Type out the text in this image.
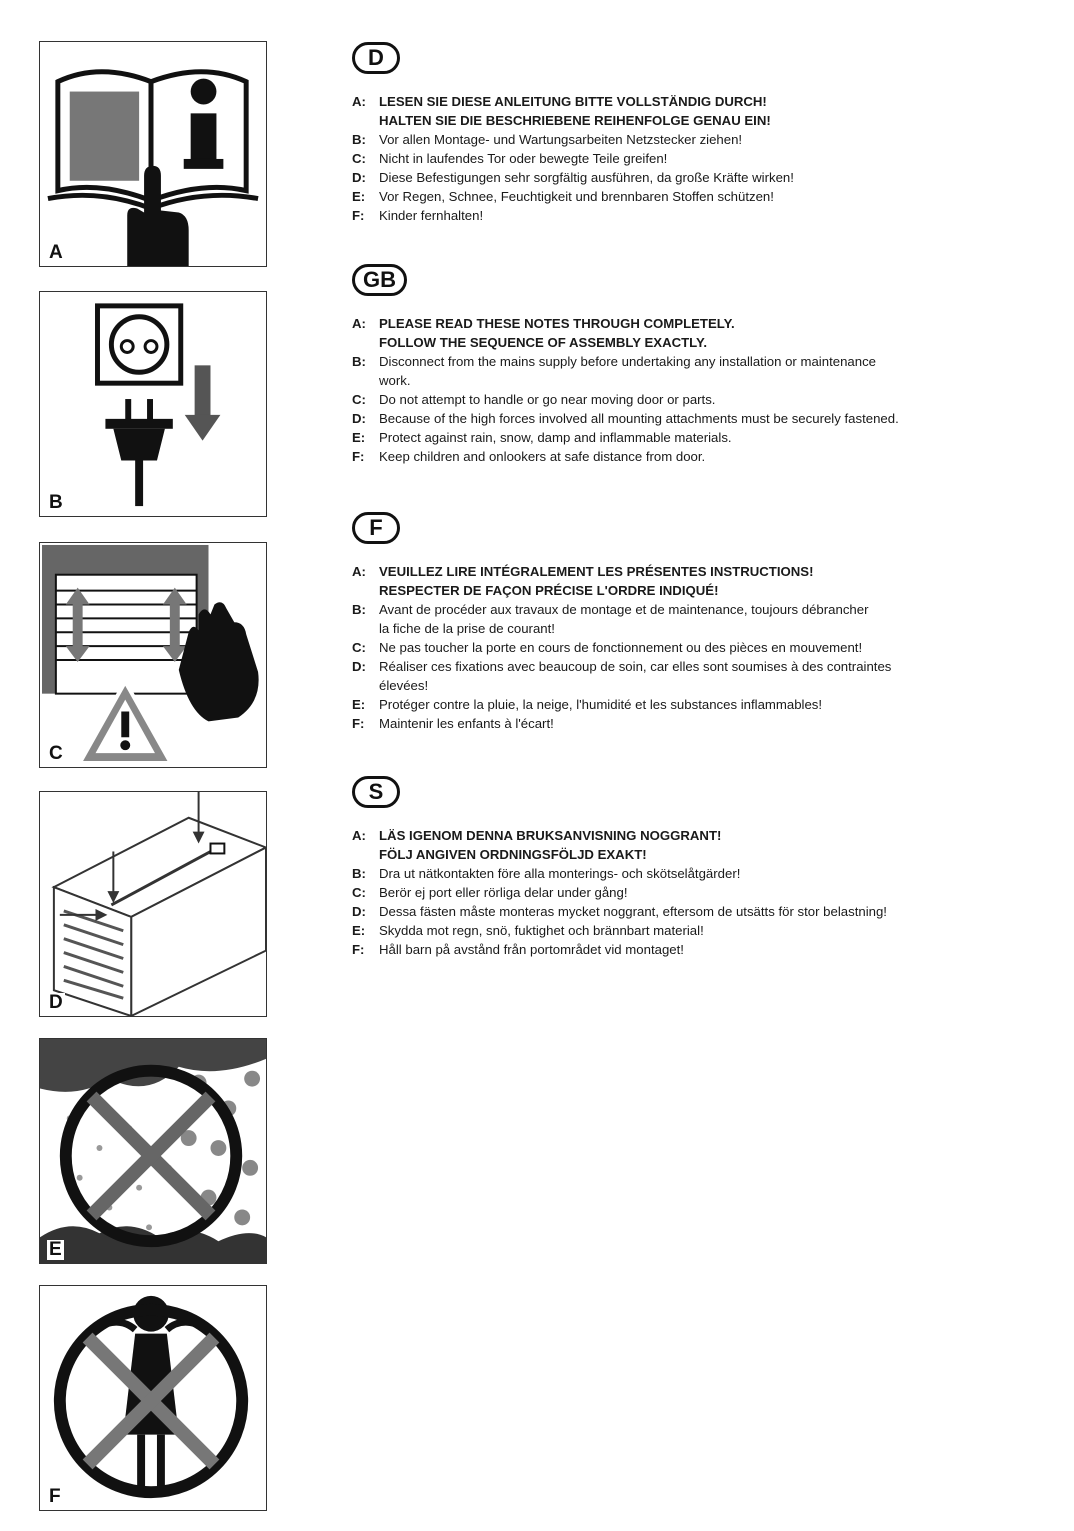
A
B
C
D
E
F
D
A: LESEN SIE DIESE ANLEITUNG BITTE VOLLSTÄNDIG DURCH!
HALTEN SIE DIE BESCHRIEBENE REIHENFOLGE GENAU EIN!
B: Vor allen Montage- und Wartungsarbeiten Netzstecker ziehen!
C: Nicht in laufendes Tor oder bewegte Teile greifen!
D: Diese Befestigungen sehr sorgfältig ausführen, da große Kräfte wirken!
E: Vor Regen, Schnee, Feuchtigkeit und brennbaren Stoffen schützen!
F: Kinder fernhalten!
GB
A: PLEASE READ THESE NOTES THROUGH COMPLETELY.
FOLLOW THE SEQUENCE OF ASSEMBLY EXACTLY.
B: Disconnect from the mains supply before undertaking any installation or maintenance
work.
C: Do not attempt to handle or go near moving door or parts.
D: Because of the high forces involved all mounting attachments must be securely fastened.
E: Protect against rain, snow, damp and inflammable materials.
F: Keep children and onlookers at safe distance from door.
F
A: VEUILLEZ LIRE INTÉGRALEMENT LES PRÉSENTES INSTRUCTIONS!
RESPECTER DE FAÇON PRÉCISE L'ORDRE INDIQUÉ!
B: Avant de procéder aux travaux de montage et de maintenance, toujours débrancher
la fiche de la prise de courant!
C: Ne pas toucher la porte en cours de fonctionnement ou des pièces en mouvement!
D: Réaliser ces fixations avec beaucoup de soin, car elles sont soumises à des contraintes
élevées!
E: Protéger contre la pluie, la neige, l'humidité et les substances inflammables!
F: Maintenir les enfants à l'écart!
S
A: LÄS IGENOM DENNA BRUKSANVISNING NOGGRANT!
FÖLJ ANGIVEN ORDNINGSFÖLJD EXAKT!
B: Dra ut nätkontakten före alla monterings- och skötselåtgärder!
C: Berör ej port eller rörliga delar under gång!
D: Dessa fästen måste monteras mycket noggrant, eftersom de utsätts för stor belastning!
E: Skydda mot regn, snö, fuktighet och brännbart material!
F: Håll barn på avstånd från portområdet vid montaget!
